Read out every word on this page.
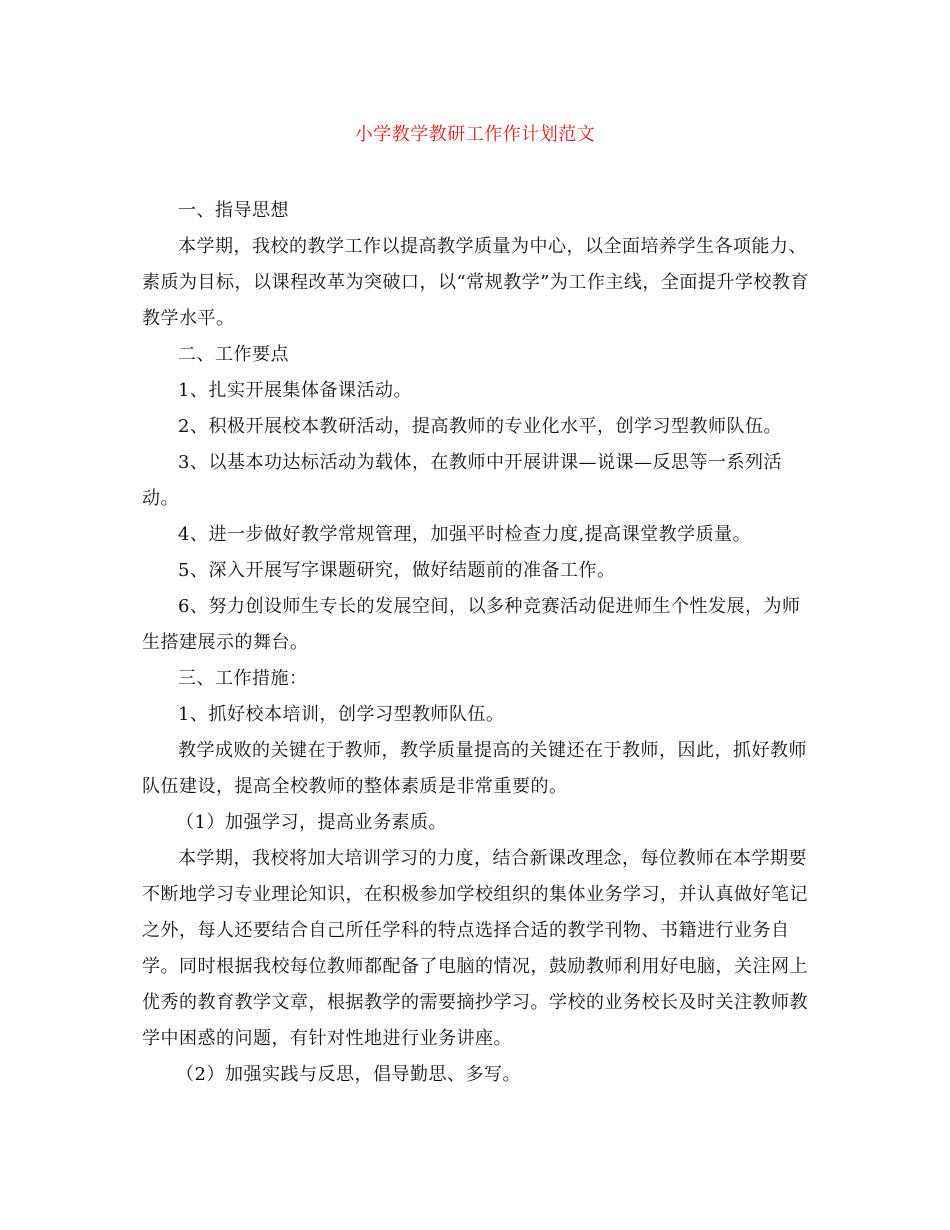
小学教学教研工作作计划范文

一、指导思想

本学期，我校的教学工作以提高教学质量为中心，以全面培养学生各项能力、素质为目标，以课程改革为突破口，以“常规教学”为工作主线，全面提升学校教育教学水平。

二、工作要点

1、扎实开展集体备课活动。

2、积极开展校本教研活动，提高教师的专业化水平，创学习型教师队伍。

3、以基本功达标活动为载体，在教师中开展讲课—说课—反思等一系列活动。

4、进一步做好教学常规管理，加强平时检查力度,提高课堂教学质量。

5、深入开展写字课题研究，做好结题前的准备工作。

6、努力创设师生专长的发展空间，以多种竞赛活动促进师生个性发展，为师生搭建展示的舞台。

三、工作措施：

1、抓好校本培训，创学习型教师队伍。

教学成败的关键在于教师，教学质量提高的关键还在于教师，因此，抓好教师队伍建设，提高全校教师的整体素质是非常重要的。

（1）加强学习，提高业务素质。

本学期，我校将加大培训学习的力度，结合新课改理念，每位教师在本学期要不断地学习专业理论知识，在积极参加学校组织的集体业务学习，并认真做好笔记之外，每人还要结合自己所任学科的特点选择合适的教学刊物、书籍进行业务自学。同时根据我校每位教师都配备了电脑的情况，鼓励教师利用好电脑，关注网上优秀的教育教学文章，根据教学的需要摘抄学习。学校的业务校长及时关注教师教学中困惑的问题，有针对性地进行业务讲座。

（2）加强实践与反思，倡导勤思、多写。
